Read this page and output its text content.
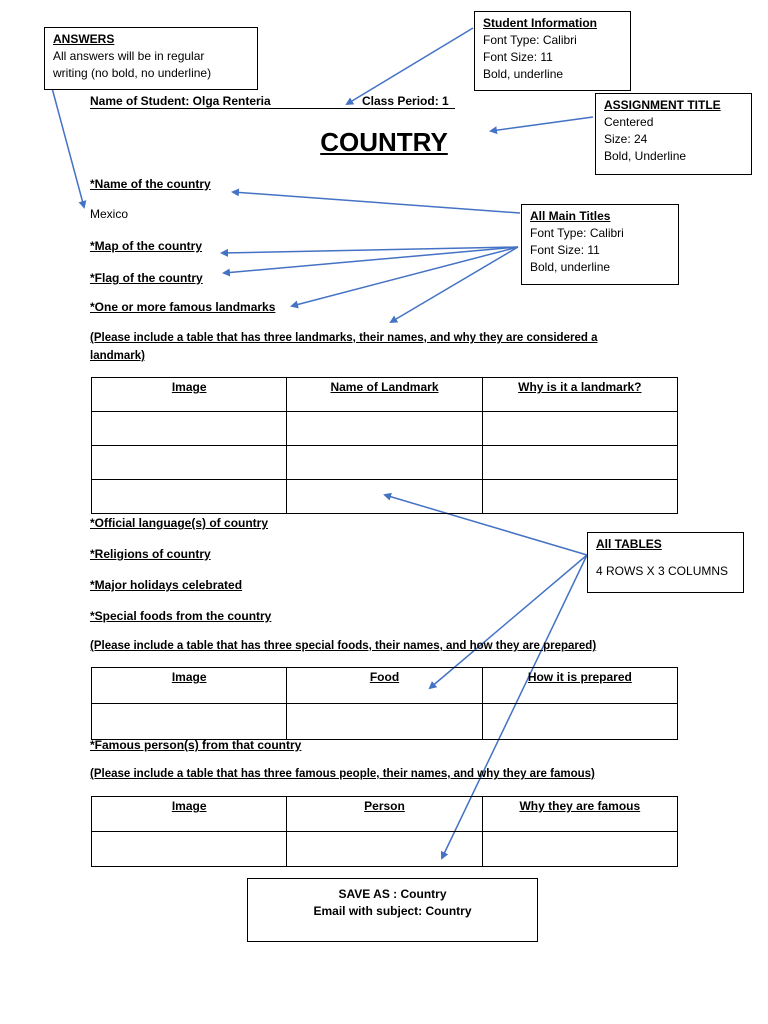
ANSWERS
All answers will be in regular
writing (no bold, no underline)
Student Information
Font Type: Calibri
Font Size: 11
Bold, underline
ASSIGNMENT TITLE
Centered
Size: 24
Bold, Underline
All Main Titles
Font Type: Calibri
Font Size: 11
Bold, underline
All TABLES
4 ROWS X 3 COLUMNS
Name of Student: Olga Renteria	Class Period: 1
COUNTRY
*Name of the country
Mexico
*Map of the country
*Flag of the country
*One or more famous landmarks
(Please include a table that has three landmarks, their names, and why they are considered a
landmark)
Image	Name of Landmark	Why is it a landmark?

*Official language(s) of country
*Religions of country
*Major holidays celebrated
*Special foods from the country
(Please include a table that has three special foods, their names, and how they are prepared)
Image	Food	How it is prepared

*Famous person(s) from that country
(Please include a table that has three famous people, their names, and why they are famous)
Image	Person	Why they are famous

SAVE AS : Country
Email with subject: Country
